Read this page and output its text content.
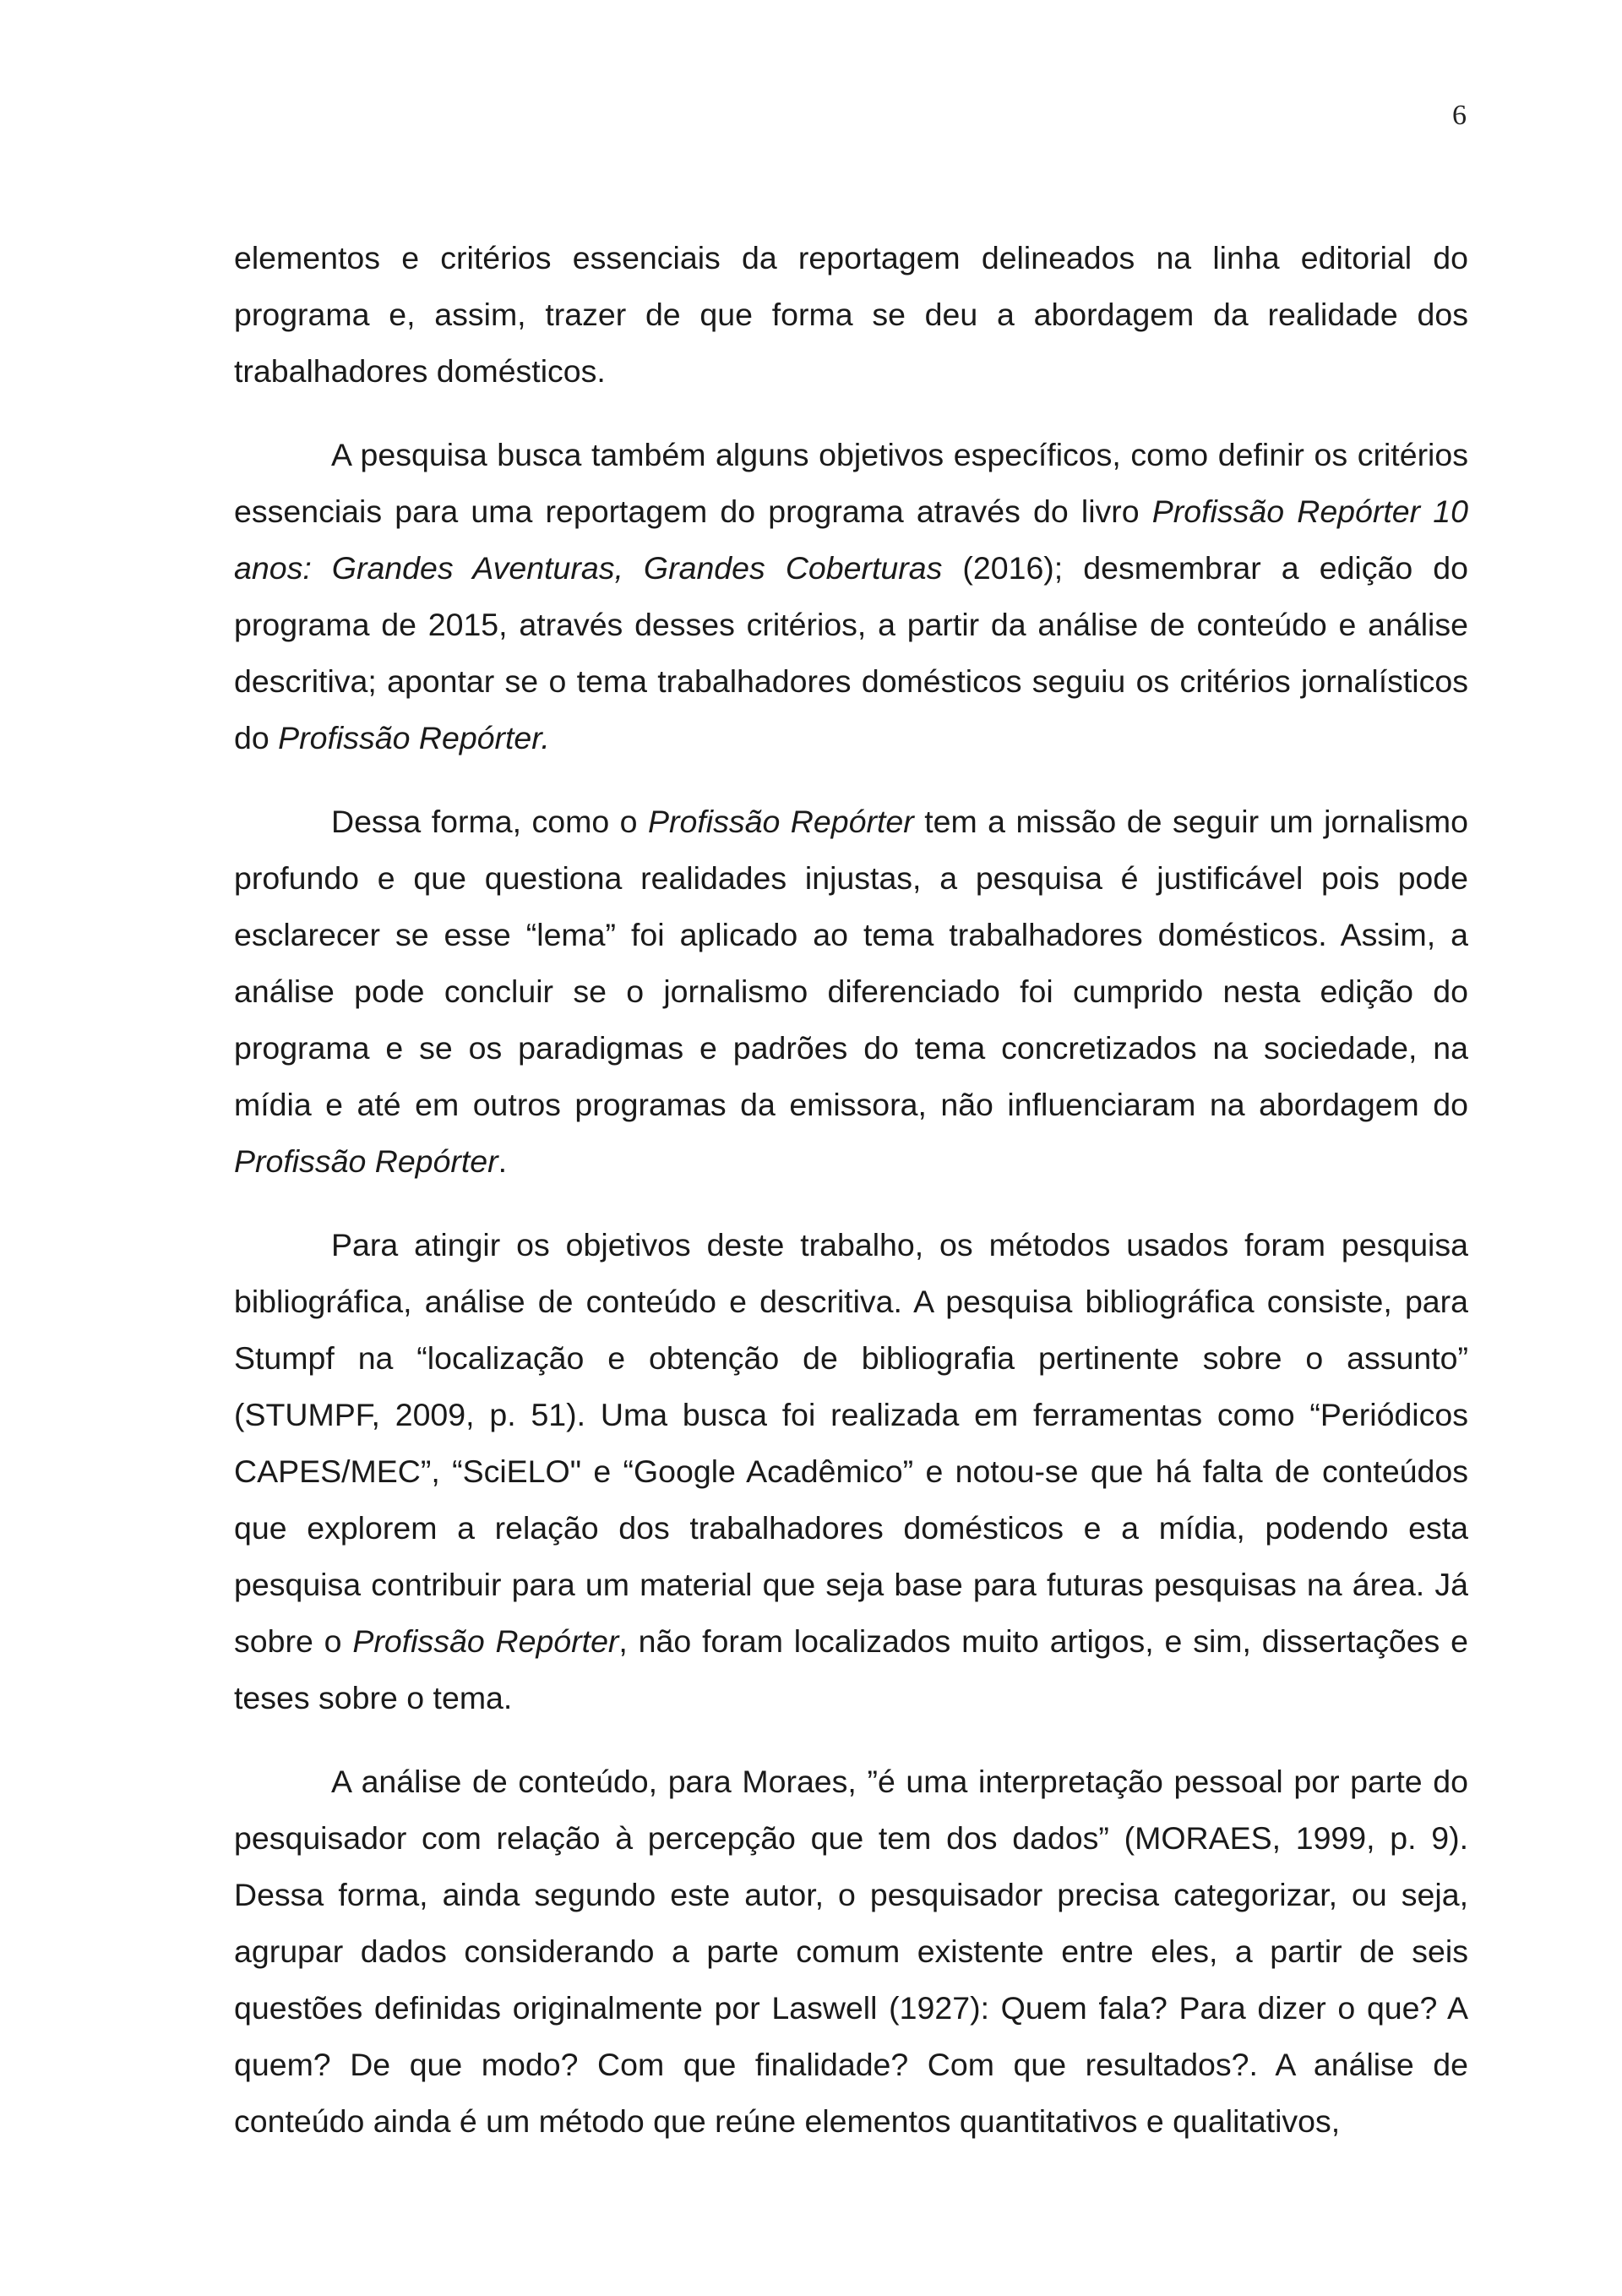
6

elementos e critérios essenciais da reportagem delineados na linha editorial do programa e, assim, trazer de que forma se deu a abordagem da realidade dos trabalhadores domésticos.

A pesquisa busca também alguns objetivos específicos, como definir os critérios essenciais para uma reportagem do programa através do livro Profissão Repórter 10 anos: Grandes Aventuras, Grandes Coberturas (2016); desmembrar a edição do programa de 2015, através desses critérios, a partir da análise de conteúdo e análise descritiva; apontar se o tema trabalhadores domésticos seguiu os critérios jornalísticos do Profissão Repórter.

Dessa forma, como o Profissão Repórter tem a missão de seguir um jornalismo profundo e que questiona realidades injustas, a pesquisa é justificável pois pode esclarecer se esse “lema” foi aplicado ao tema trabalhadores domésticos. Assim, a análise pode concluir se o jornalismo diferenciado foi cumprido nesta edição do programa e se os paradigmas e padrões do tema concretizados na sociedade, na mídia e até em outros programas da emissora, não influenciaram na abordagem do Profissão Repórter.

Para atingir os objetivos deste trabalho, os métodos usados foram pesquisa bibliográfica, análise de conteúdo e descritiva. A pesquisa bibliográfica consiste, para Stumpf na “localização e obtenção de bibliografia pertinente sobre o assunto” (STUMPF, 2009, p. 51). Uma busca foi realizada em ferramentas como “Periódicos CAPES/MEC”, “SciELO" e “Google Acadêmico” e notou-se que há falta de conteúdos que explorem a relação dos trabalhadores domésticos e a mídia, podendo esta pesquisa contribuir para um material que seja base para futuras pesquisas na área. Já sobre o Profissão Repórter, não foram localizados muito artigos, e sim, dissertações e teses sobre o tema.

A análise de conteúdo, para Moraes, ”é uma interpretação pessoal por parte do pesquisador com relação à percepção que tem dos dados” (MORAES, 1999, p. 9). Dessa forma, ainda segundo este autor, o pesquisador precisa categorizar, ou seja, agrupar dados considerando a parte comum existente entre eles, a partir de seis questões definidas originalmente por Laswell (1927): Quem fala? Para dizer o que? A quem? De que modo? Com que finalidade? Com que resultados?. A análise de conteúdo ainda é um método que reúne elementos quantitativos e qualitativos,
